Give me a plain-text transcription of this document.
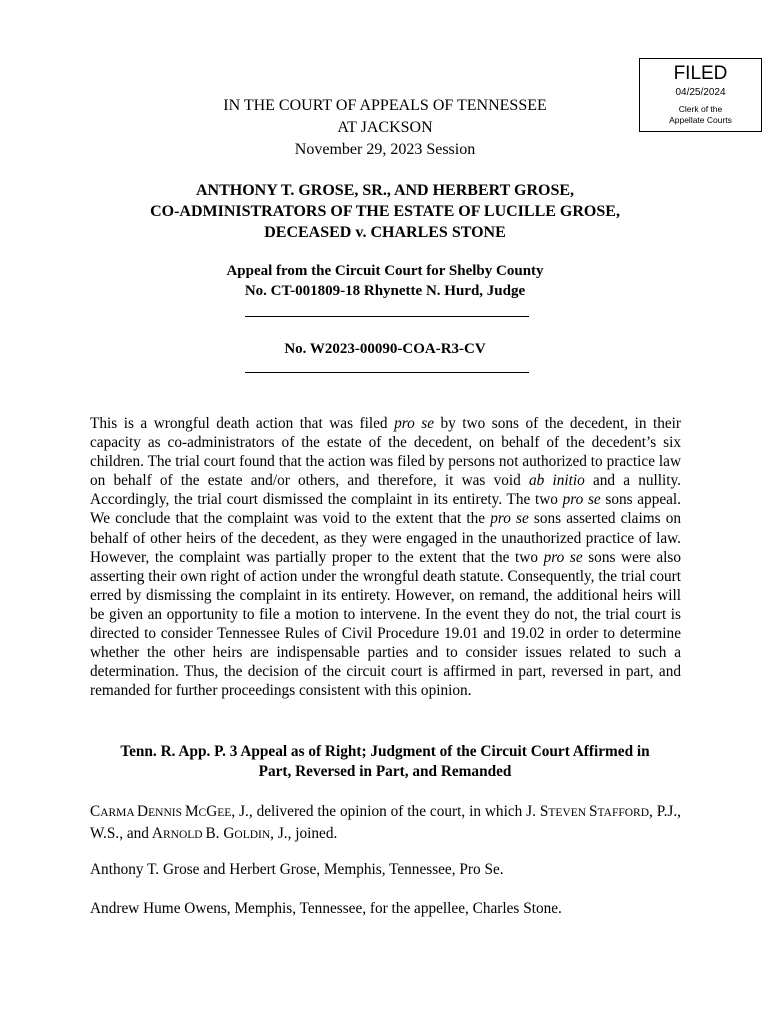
FILED
04/25/2024
Clerk of the
Appellate Courts
IN THE COURT OF APPEALS OF TENNESSEE
AT JACKSON
November 29, 2023 Session
ANTHONY T. GROSE, SR., AND HERBERT GROSE,
CO-ADMINISTRATORS OF THE ESTATE OF LUCILLE GROSE,
DECEASED v. CHARLES STONE
Appeal from the Circuit Court for Shelby County
No. CT-001809-18 Rhynette N. Hurd, Judge
No. W2023-00090-COA-R3-CV
This is a wrongful death action that was filed pro se by two sons of the decedent, in their capacity as co-administrators of the estate of the decedent, on behalf of the decedent’s six children. The trial court found that the action was filed by persons not authorized to practice law on behalf of the estate and/or others, and therefore, it was void ab initio and a nullity. Accordingly, the trial court dismissed the complaint in its entirety. The two pro se sons appeal. We conclude that the complaint was void to the extent that the pro se sons asserted claims on behalf of other heirs of the decedent, as they were engaged in the unauthorized practice of law. However, the complaint was partially proper to the extent that the two pro se sons were also asserting their own right of action under the wrongful death statute. Consequently, the trial court erred by dismissing the complaint in its entirety. However, on remand, the additional heirs will be given an opportunity to file a motion to intervene. In the event they do not, the trial court is directed to consider Tennessee Rules of Civil Procedure 19.01 and 19.02 in order to determine whether the other heirs are indispensable parties and to consider issues related to such a determination. Thus, the decision of the circuit court is affirmed in part, reversed in part, and remanded for further proceedings consistent with this opinion.
Tenn. R. App. P. 3 Appeal as of Right; Judgment of the Circuit Court Affirmed in
Part, Reversed in Part, and Remanded
CARMA DENNIS MCGEE, J., delivered the opinion of the court, in which J. STEVEN STAFFORD, P.J., W.S., and ARNOLD B. GOLDIN, J., joined.
Anthony T. Grose and Herbert Grose, Memphis, Tennessee, Pro Se.
Andrew Hume Owens, Memphis, Tennessee, for the appellee, Charles Stone.
